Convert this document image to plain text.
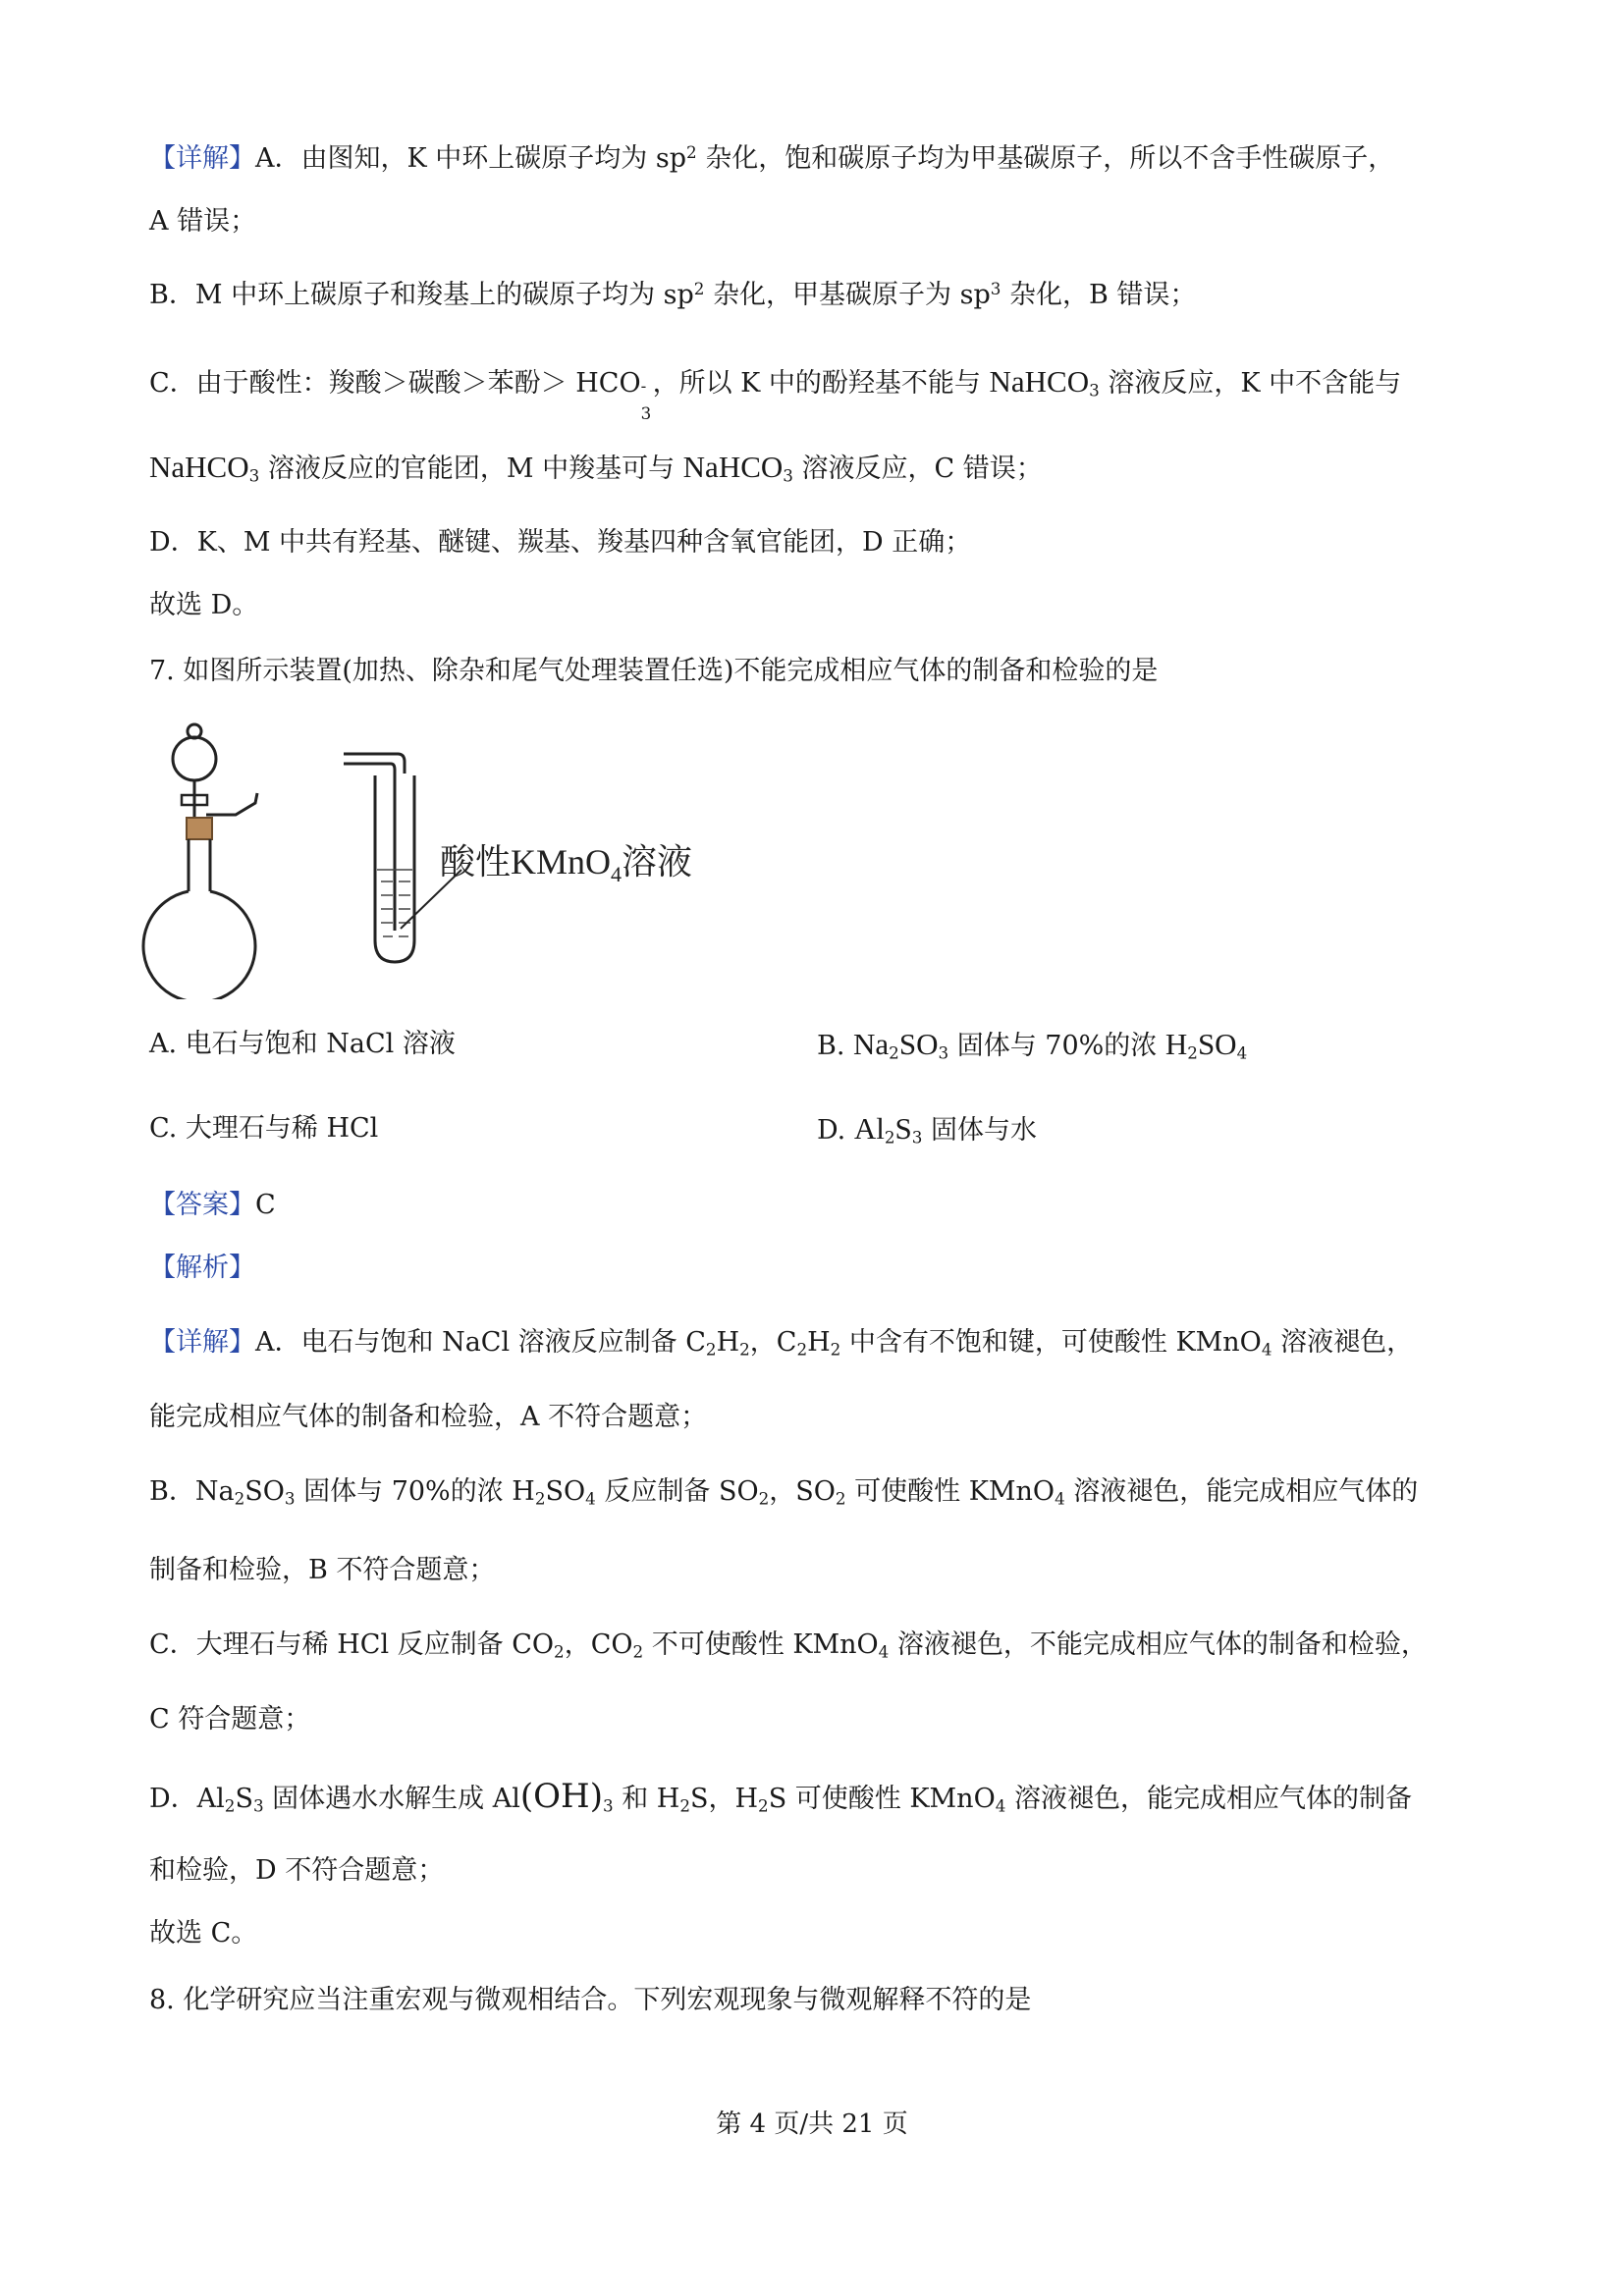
【详解】A．由图知，K 中环上碳原子均为 $sp^2$ 杂化，饱和碳原子均为甲基碳原子，所以不含手性碳原子，
A 错误；
B．M 中环上碳原子和羧基上的碳原子均为 $sp^2$ 杂化，甲基碳原子为 $sp^3$ 杂化，B 错误；
C．由于酸性：羧酸＞碳酸＞苯酚＞ HCO -
3
，所以 K 中的酚羟基不能与 NaHCO$_3$ 溶液反应，K 中不含能与
NaHCO$_3$ 溶液反应的官能团，M 中羧基可与 NaHCO$_3$ 溶液反应，C 错误；
D．K、M 中共有羟基、醚键、羰基、羧基四种含氧官能团，D 正确；
故选 D。
7. 如图所示装置(加热、除杂和尾气处理装置任选)不能完成相应气体的制备和检验的是
酸性KMnO$_4$溶液
A. 电石与饱和 NaCl 溶液	B. $Na_2SO_3$ 固体与 70%的浓 $H_2SO_4$
C. 大理石与稀 HCl	D. $Al_2S_3$ 固体与水
【答案】C
【解析】
【详解】A．电石与饱和 NaCl 溶液反应制备 $C_2H_2$，$C_2H_2$ 中含有不饱和键，可使酸性 KMnO$_4$ 溶液褪色，
能完成相应气体的制备和检验，A 不符合题意；
B．$Na_2SO_3$ 固体与 70%的浓 $H_2SO_4$ 反应制备 $SO_2$，$SO_2$ 可使酸性 KMnO$_4$ 溶液褪色，能完成相应气体的
制备和检验，B 不符合题意；
C．大理石与稀 HCl 反应制备 $CO_2$，$CO_2$ 不可使酸性 KMnO$_4$ 溶液褪色，不能完成相应气体的制备和检验，
C 符合题意；
D．$Al_2S_3$ 固体遇水水解生成 $Al(OH)_3$ 和 $H_2S$，$H_2S$ 可使酸性 KMnO$_4$ 溶液褪色，能完成相应气体的制备
和检验，D 不符合题意；
故选 C。
8. 化学研究应当注重宏观与微观相结合。下列宏观现象与微观解释不符的是
第 4 页/共 21 页
